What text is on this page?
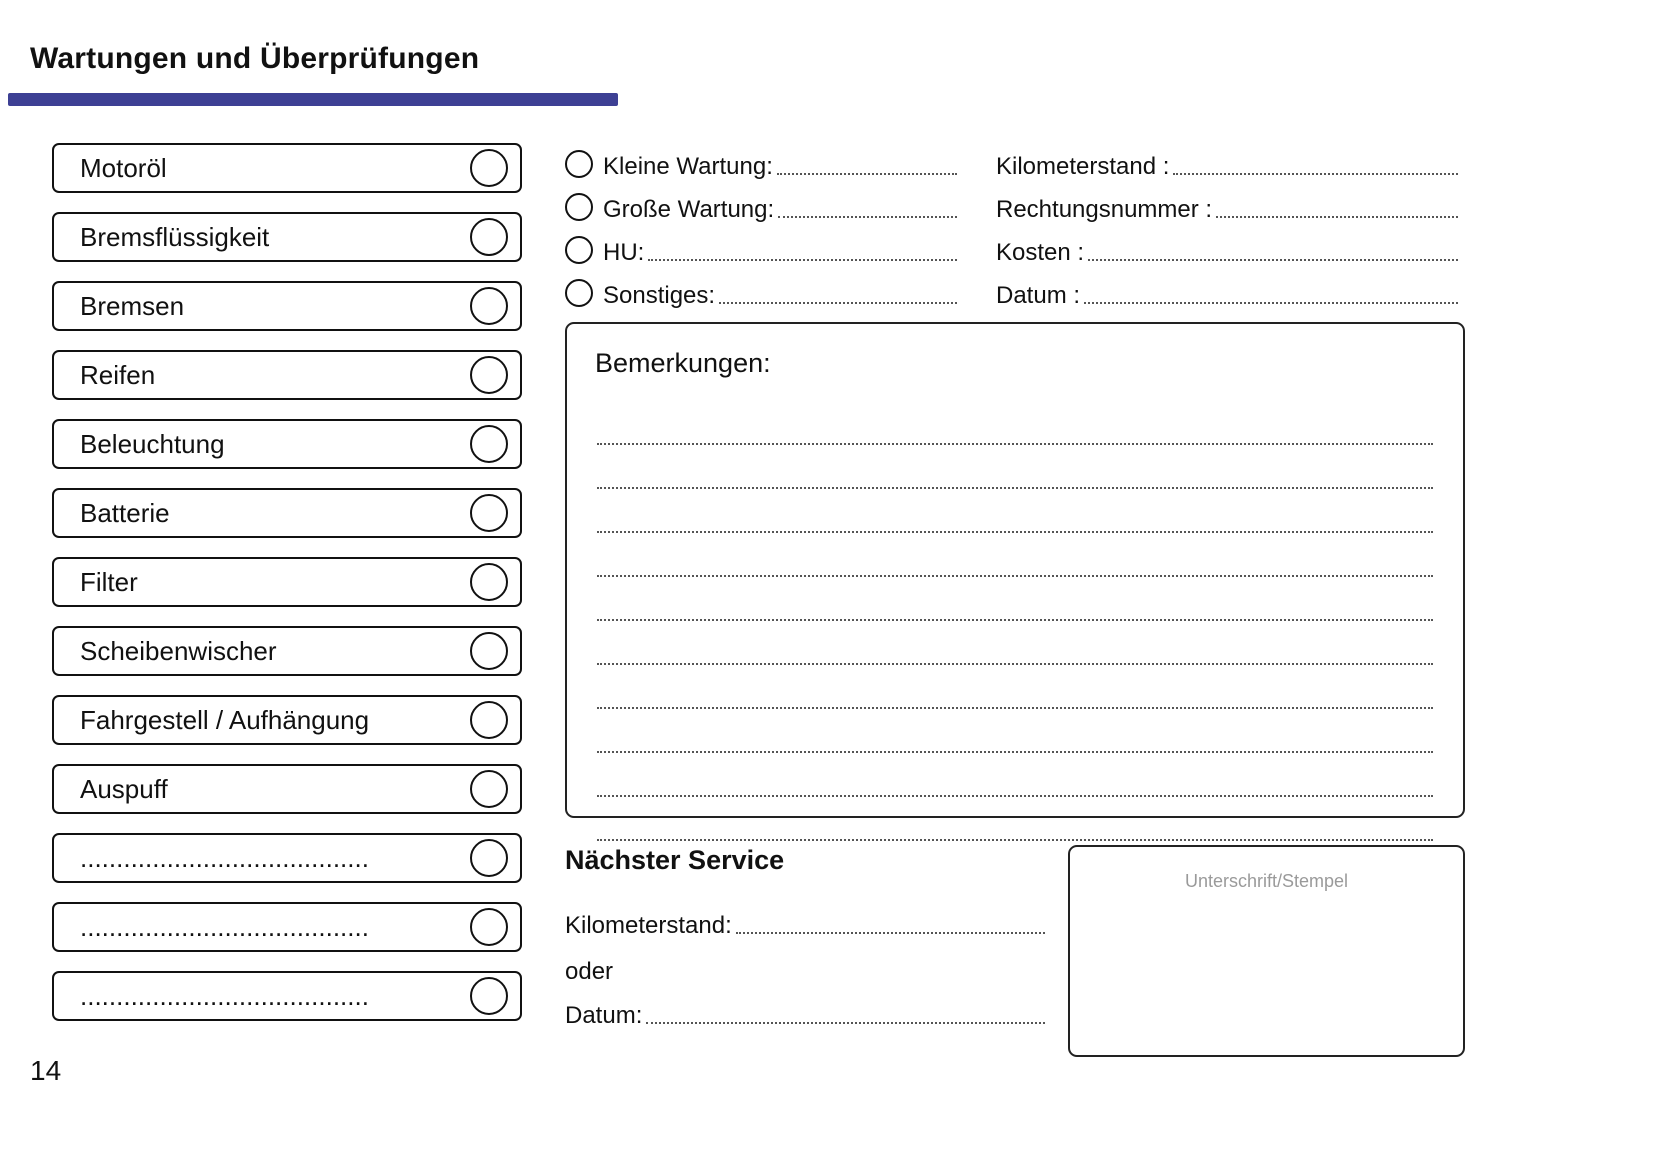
Wartungen und Überprüfungen
Motoröl
Bremsflüssigkeit
Bremsen
Reifen
Beleuchtung
Batterie
Filter
Scheibenwischer
Fahrgestell / Aufhängung
Auspuff
........................................
........................................
........................................
Kleine Wartung:
Große Wartung:
HU:
Sonstiges:
Kilometerstand :
Rechtungsnummer :
Kosten :
Datum :
Bemerkungen:
Nächster Service
Kilometerstand:
oder
Datum:
Unterschrift/Stempel
14
